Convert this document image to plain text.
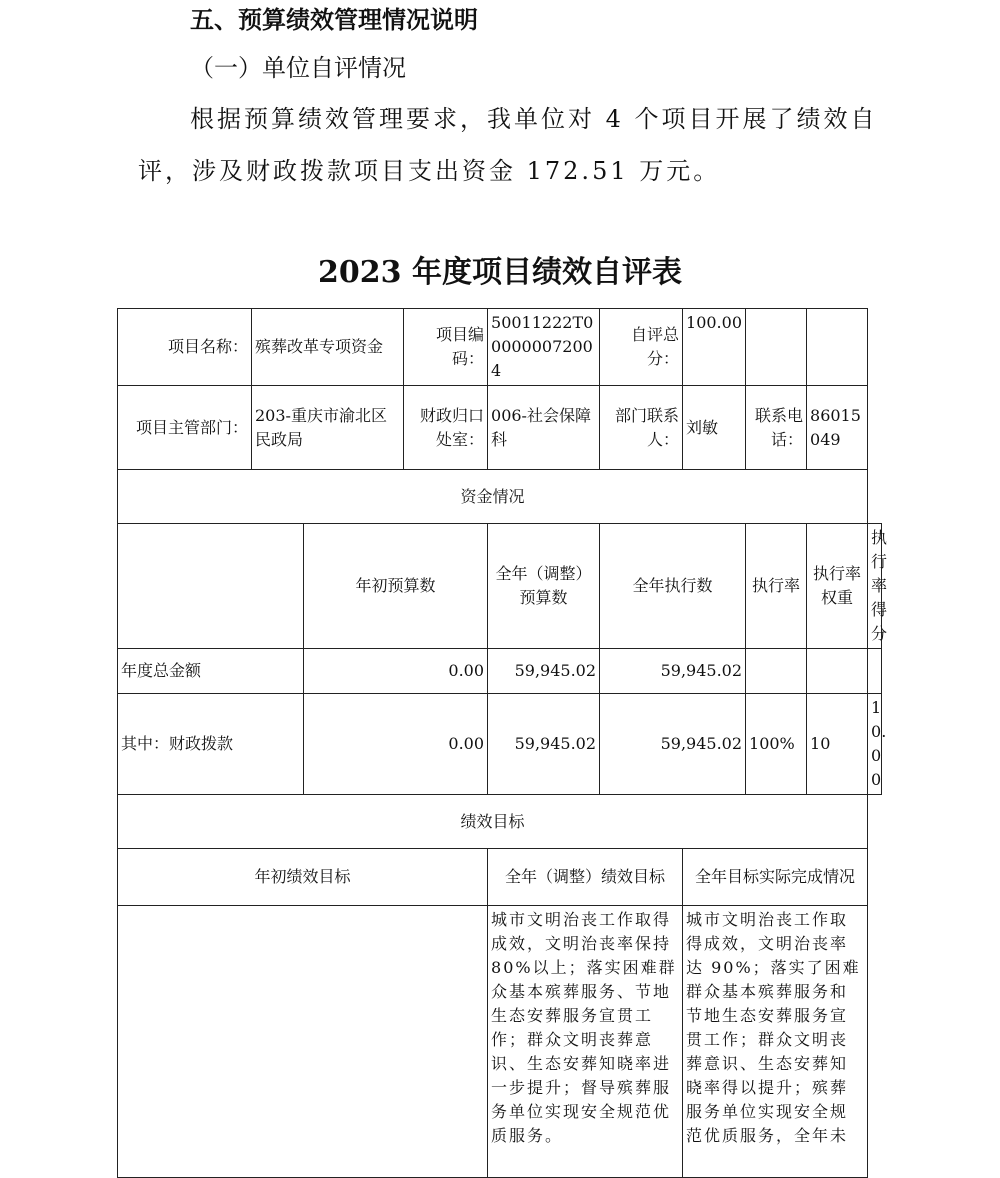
五、预算绩效管理情况说明
（一）单位自评情况
根据预算绩效管理要求，我单位对 4 个项目开展了绩效自
评，涉及财政拨款项目支出资金 172.51 万元。
2023 年度项目绩效自评表
项目名称：	殡葬改革专项资金		项目编码：	50011222T000000072004	自评总分：	100.00			
项目主管部门：	203-重庆市渝北区民政局		财政归口处室：	006-社会保障科	部门联系人：	刘敏	联系电话：	86015049	
资金情况									
		年初预算数		全年（调整）预算数	全年执行数		执行率	执行率权重	执行率得分
年度总金额		0.00		59,945.02	59,945.02				
其中：财政拨款		0.00		59,945.02	59,945.02		100%	10	10.00
绩效目标									
年初绩效目标				全年（调整）绩效目标		全年目标实际完成情况			
				城市文明治丧工作取得成效，文明治丧率保持80%以上；落实困难群众基本殡葬服务、节地生态安葬服务宣贯工作；群众文明丧葬意识、生态安葬知晓率进一步提升；督导殡葬服务单位实现安全规范优质服务。		城市文明治丧工作取得成效，文明治丧率达 90%；落实了困难群众基本殡葬服务和节地生态安葬服务宣贯工作；群众文明丧葬意识、生态安葬知晓率得以提升；殡葬服务单位实现安全规范优质服务，全年未			
